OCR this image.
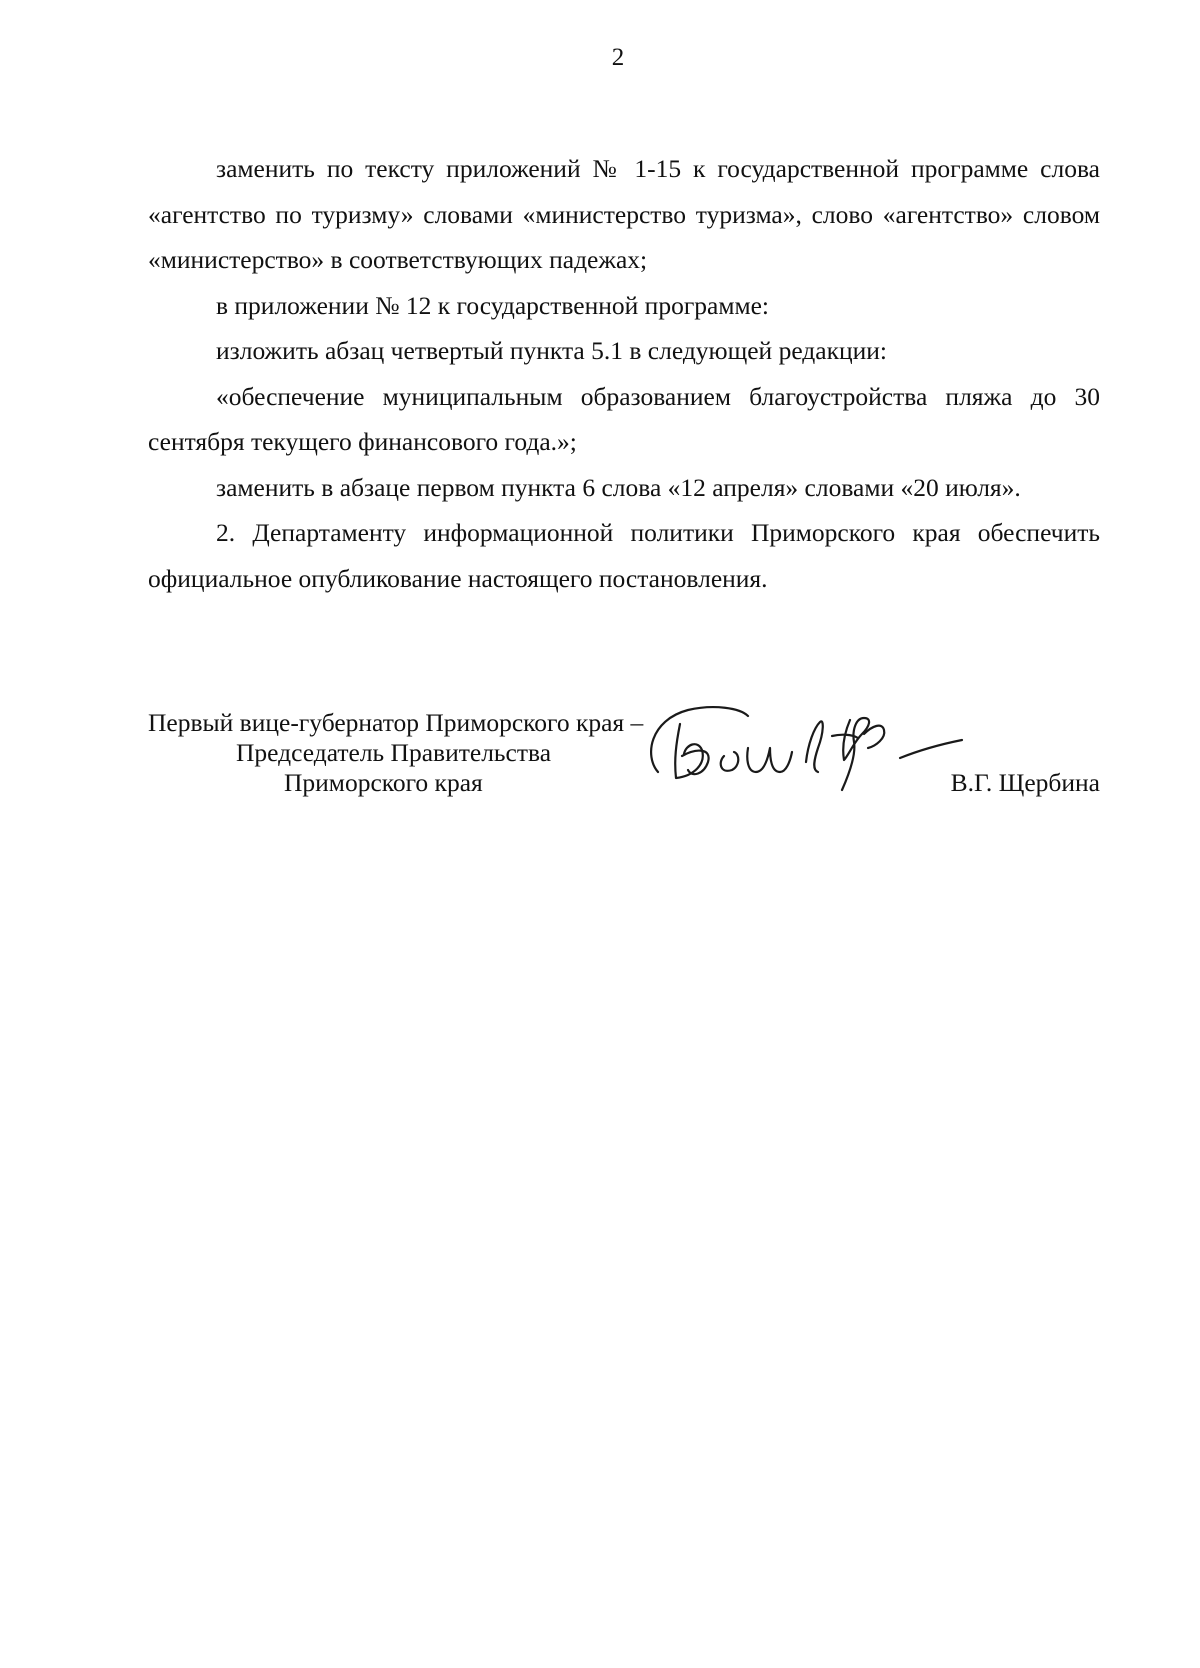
2

заменить по тексту приложений № 1-15 к государственной программе слова «агентство по туризму» словами «министерство туризма», слово «агентство» словом «министерство» в соответствующих падежах;

в приложении № 12 к государственной программе:

изложить абзац четвертый пункта 5.1 в следующей редакции:

«обеспечение муниципальным образованием благоустройства пляжа до 30 сентября текущего финансового года.»;

заменить в абзаце первом пункта 6 слова «12 апреля» словами «20 июля».

2. Департаменту информационной политики Приморского края обеспечить официальное опубликование настоящего постановления.

Первый вице-губернатор Приморского края –
Председатель Правительства
Приморского края	В.Г. Щербина
